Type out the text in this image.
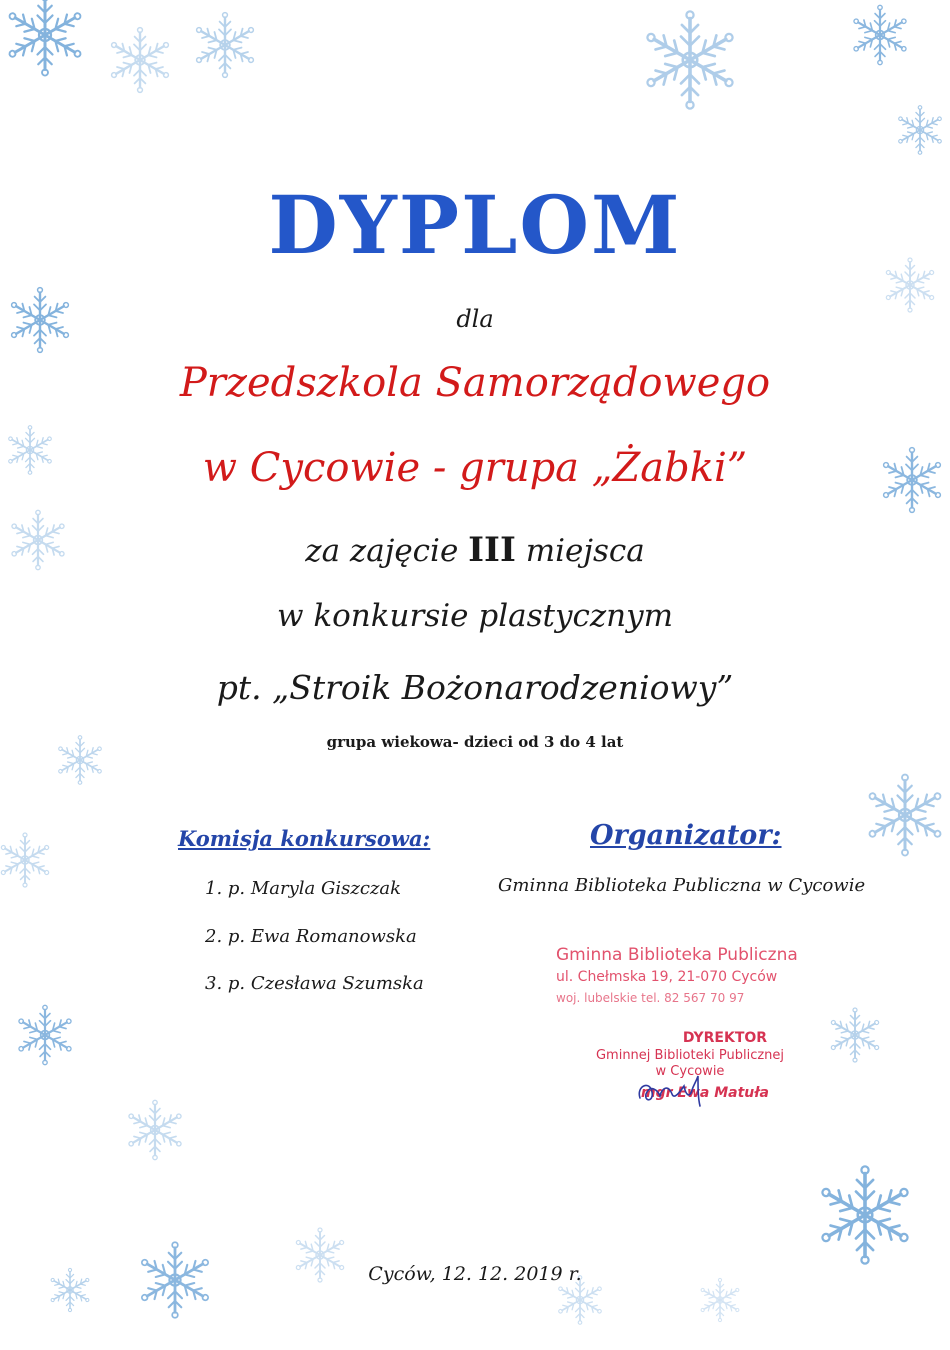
DYPLOM
dla
Przedszkola Samorządowego
w Cycowie - grupa „Żabki”
za zajęcie III miejsca
w konkursie plastycznym
pt. „Stroik Bożonarodzeniowy”
grupa wiekowa- dzieci od 3 do 4 lat
Komisja konkursowa:
1. p. Maryla Giszczak
2. p. Ewa Romanowska
3. p. Czesława Szumska
Organizator:
Gminna Biblioteka Publiczna w Cycowie
Gminna Biblioteka Publiczna
ul. Chełmska 19, 21-070 Cyców
woj. lubelskie tel. 82 567 70 97
DYREKTOR
Gminnej Biblioteki Publicznej
w Cycowie
mgr Ewa Matuła
Cyców, 12. 12. 2019 r.
